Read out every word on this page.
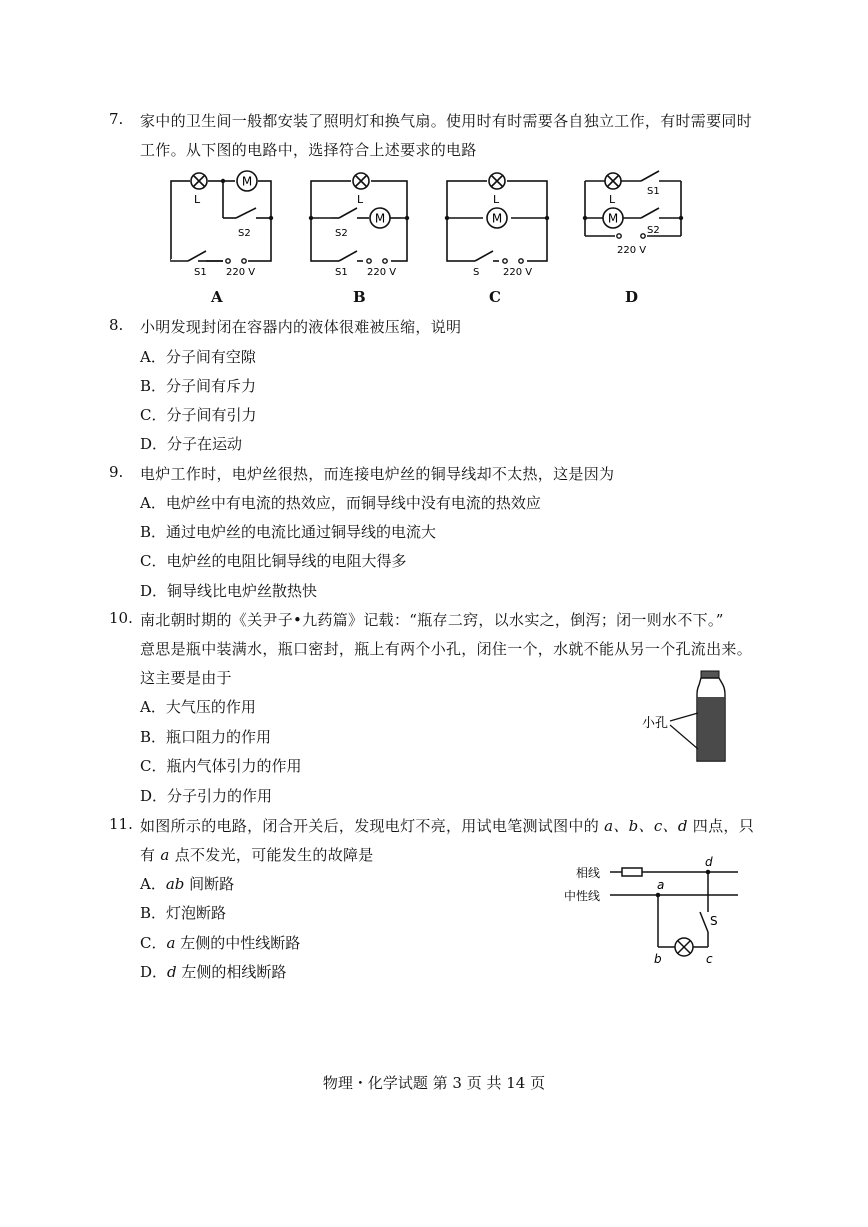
7. 家中的卫生间一般都安装了照明灯和换气扇。使用时有时需要各自独立工作，有时需要同时
工作。从下图的电路中，选择符合上述要求的电路
M
L
S2
S1 220 V
A
M
L
S2
S1 220 V
B
M
L
S 220 V
C
M
L
S1
S2
220 V
D
8. 小明发现封闭在容器内的液体很难被压缩，说明
A．分子间有空隙
B．分子间有斥力
C．分子间有引力
D．分子在运动
9. 电炉工作时，电炉丝很热，而连接电炉丝的铜导线却不太热，这是因为
A．电炉丝中有电流的热效应，而铜导线中没有电流的热效应
B．通过电炉丝的电流比通过铜导线的电流大
C．电炉丝的电阻比铜导线的电阻大得多
D．铜导线比电炉丝散热快
10. 南北朝时期的《关尹子•九药篇》记载：“瓶存二窍，以水实之，倒泻；闭一则水不下。”
意思是瓶中装满水，瓶口密封，瓶上有两个小孔，闭住一个，水就不能从另一个孔流出来。
这主要是由于
A．大气压的作用
B．瓶口阻力的作用
C．瓶内气体引力的作用
D．分子引力的作用
小孔
11. 如图所示的电路，闭合开关后，发现电灯不亮，用试电笔测试图中的 a、b、c、d 四点，只
有 a 点不发光，可能发生的故障是
A．ab 间断路
B．灯泡断路
C．a 左侧的中性线断路
D．d 左侧的相线断路
相线
中性线
a
b	c
d
S
物理・化学试题 第 3 页 共 14 页
